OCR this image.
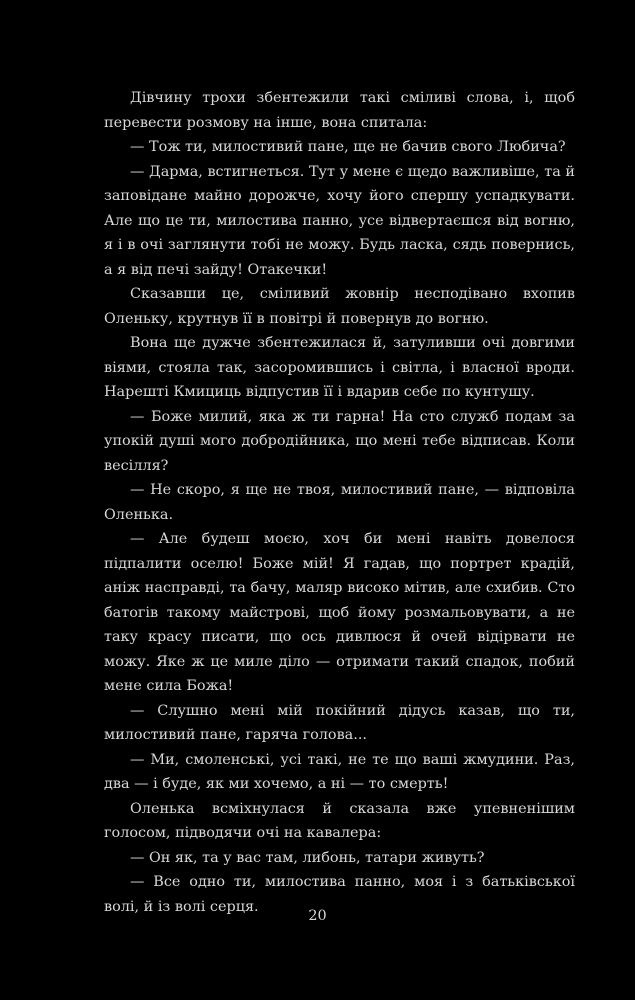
Дівчину трохи збентежили такі сміливі слова, і, щоб перевести розмову на інше, вона спитала:

— Тож ти, милостивий пане, ще не бачив свого Любича?

— Дарма, встигнеться. Тут у мене є щедо важливіше, та й заповідане майно дорожче, хочу його спершу успадкувати. Але що це ти, милостива панно, усе відвертаєшся від вогню, я і в очі заглянути тобі не можу. Будь ласка, сядь повернись, а я від печі зайду! Отакечки!

Сказавши це, сміливий жовнір несподівано вхопив Оленьку, крутнув її в повітрі й повернув до вогню.

Вона ще дужче збентежилася й, затуливши очі довгими віями, стояла так, засоромившись і світла, і власної вроди. Нарешті Кмициць відпустив її і вдарив себе по кунтушу.

— Боже милий, яка ж ти гарна! На сто служб подам за упокій душі мого добродійника, що мені тебе відписав. Коли весілля?

— Не скоро, я ще не твоя, милостивий пане, — відповіла Оленька.

— Але будеш моєю, хоч би мені навіть довелося підпалити оселю! Боже мій! Я гадав, що портрет крадій, аніж насправді, та бачу, маляр високо мітив, але схибив. Сто батогів такому майстрові, щоб йому розмальовувати, а не таку красу писати, що ось дивлюся й очей відірвати не можу. Яке ж це миле діло — отримати такий спадок, побий мене сила Божа!

— Слушно мені мій покійний дідусь казав, що ти, милостивий пане, гаряча голова...

— Ми, смоленські, усі такі, не те що ваші жмудини. Раз, два — і буде, як ми хочемо, а ні — то смерть!

Оленька всміхнулася й сказала вже упевненішим голосом, підводячи очі на кавалера:

— Он як, та у вас там, либонь, татари живуть?

— Все одно ти, милостива панно, моя і з батьківської волі, й із волі серця.

20
